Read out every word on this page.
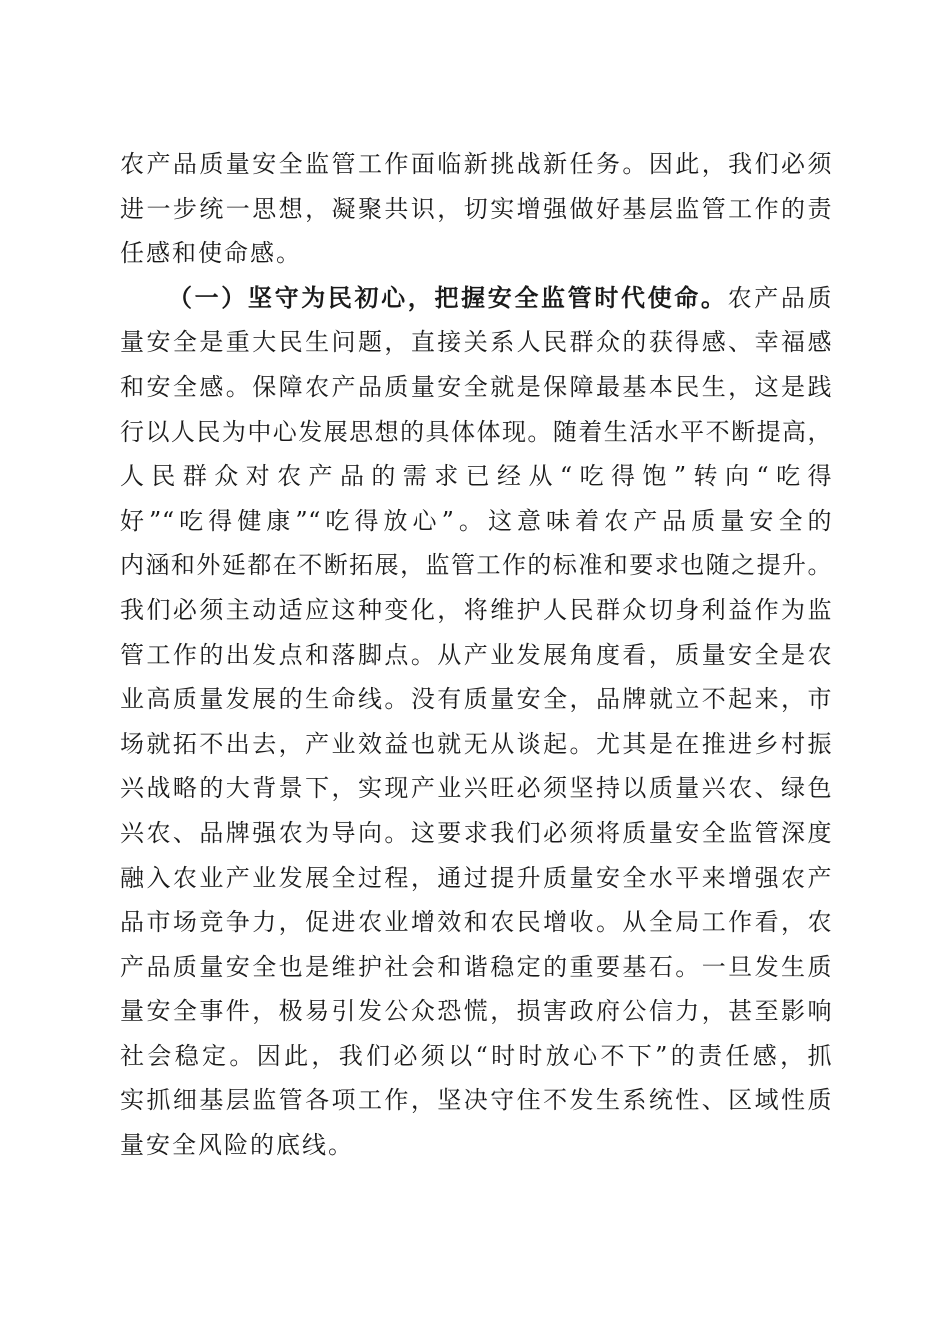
农产品质量安全监管工作面临新挑战新任务。因此，我们必须
进一步统一思想，凝聚共识，切实增强做好基层监管工作的责
任感和使命感。
（一）坚守为民初心，把握安全监管时代使命。农产品质
量安全是重大民生问题，直接关系人民群众的获得感、幸福感
和安全感。保障农产品质量安全就是保障最基本民生，这是践
行以人民为中心发展思想的具体体现。随着生活水平不断提高，
人民群众对农产品的需求已经从“吃得饱”转向“吃得
好”“吃得健康”“吃得放心”。这意味着农产品质量安全的
内涵和外延都在不断拓展，监管工作的标准和要求也随之提升。
我们必须主动适应这种变化，将维护人民群众切身利益作为监
管工作的出发点和落脚点。从产业发展角度看，质量安全是农
业高质量发展的生命线。没有质量安全，品牌就立不起来，市
场就拓不出去，产业效益也就无从谈起。尤其是在推进乡村振
兴战略的大背景下，实现产业兴旺必须坚持以质量兴农、绿色
兴农、品牌强农为导向。这要求我们必须将质量安全监管深度
融入农业产业发展全过程，通过提升质量安全水平来增强农产
品市场竞争力，促进农业增效和农民增收。从全局工作看，农
产品质量安全也是维护社会和谐稳定的重要基石。一旦发生质
量安全事件，极易引发公众恐慌，损害政府公信力，甚至影响
社会稳定。因此，我们必须以“时时放心不下”的责任感，抓
实抓细基层监管各项工作，坚决守住不发生系统性、区域性质
量安全风险的底线。
